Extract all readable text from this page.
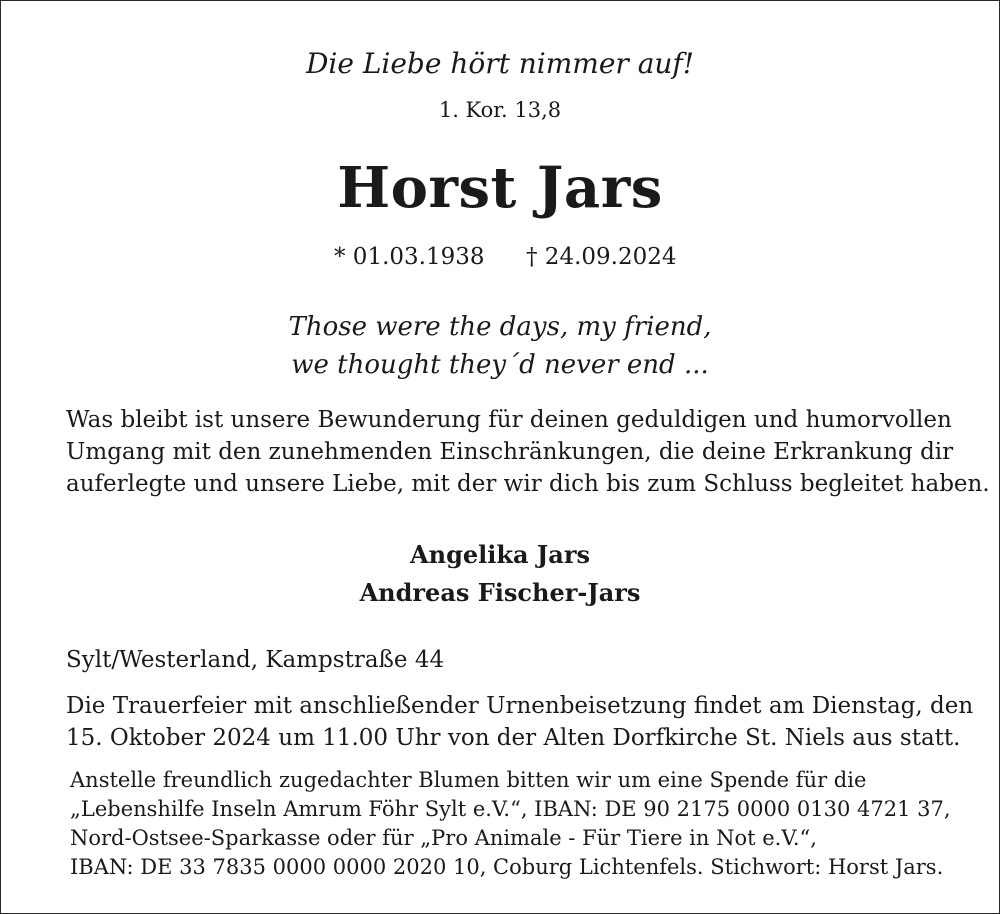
Die Liebe hört nimmer auf!
1. Kor. 13,8
Horst Jars
* 01.03.1938 † 24.09.2024
Those were the days, my friend,
we thought they´d never end ...
Was bleibt ist unsere Bewunderung für deinen geduldigen und humorvollen
Umgang mit den zunehmenden Einschränkungen, die deine Erkrankung dir
auferlegte und unsere Liebe, mit der wir dich bis zum Schluss begleitet haben.
Angelika Jars
Andreas Fischer-Jars
Sylt/Westerland, Kampstraße 44
Die Trauerfeier mit anschließender Urnenbeisetzung findet am Dienstag, den
15. Oktober 2024 um 11.00 Uhr von der Alten Dorfkirche St. Niels aus statt.
Anstelle freundlich zugedachter Blumen bitten wir um eine Spende für die
„Lebenshilfe Inseln Amrum Föhr Sylt e.V.“, IBAN: DE 90 2175 0000 0130 4721 37,
Nord-Ostsee-Sparkasse oder für „Pro Animale - Für Tiere in Not e.V.“,
IBAN: DE 33 7835 0000 0000 2020 10, Coburg Lichtenfels. Stichwort: Horst Jars.
